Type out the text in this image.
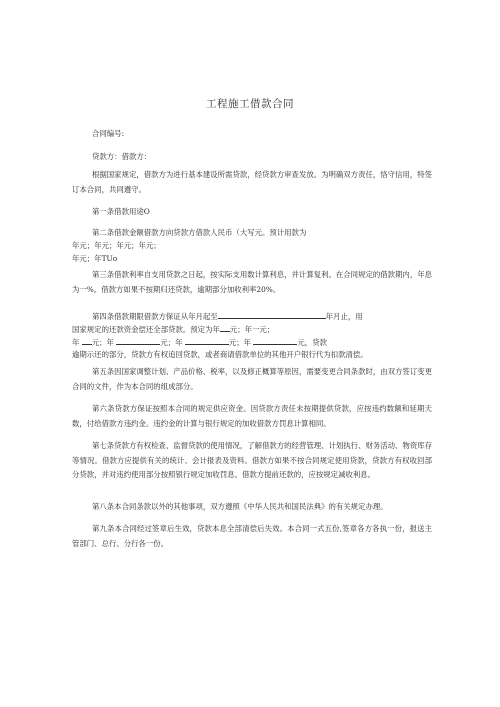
工程施工借款合同
合同编号:
贷款方：借款方：
根据国家规定，借款方为进行基本建设所需贷款，经贷款方审查发放。为明确双方责任，恪守信用，特签订本合同，共同遵守。
第一条借款用途O
第二条借款金额借款方向贷款方借款人民币（大写元。预计用款为
年元；年元；年元；年元；
年元；年TUo
第三条借款利率自支用贷款之日起，按实际支用数计算利息，并计算复利。在合同规定的借款期内，年息为一%。借款方如果不按期归还贷款，逾期部分加收利率20%。
第四条借款期限借款方保证从年月起至	年月止，用
国家规定的还款资金偿还全部贷款。预定为年 元；年一元；
年 元；年	元；年	元；年	元，贷款
逾期示还的部分，贷款方有权追回贷款，或者商请借款单位的其他开户银行代为扣款清偿。
第五条因国家调整计划、产品价格、税率，以及修正概算等原因，需要变更合同条款时，由双方签订变更合同的文件，作为本合同的组成部分。
第六条贷款方保证按照本合同的规定供应资金。因贷款方责任未按期提供贷款，应按违约数额和延期天数，付给借款方违约金。违约金的计算与银行规定的加收借款方罚息计算相同。
第七条贷款方有权检查、监督贷款的使用情况，了解借款方的经营管理、计划执行、财务活动、物资库存等情况。借款方应提供有关的统计、会计报表及资料。借款方如果不按合同规定使用贷款，贷款方有权收回部分贷款，并对违约使用部分按照银行规定加收罚息。借款方提前还款的，应按规定减收利息。
第八条本合同条款以外的其他事项，双方遵照《中华人民共和国民法典》的有关规定办理。
第九条本合同经过签章后生效，贷款本息全部清偿后失效。本合同一式五份,签章各方各执一份，报送主管部门、总行、分行各一份。
